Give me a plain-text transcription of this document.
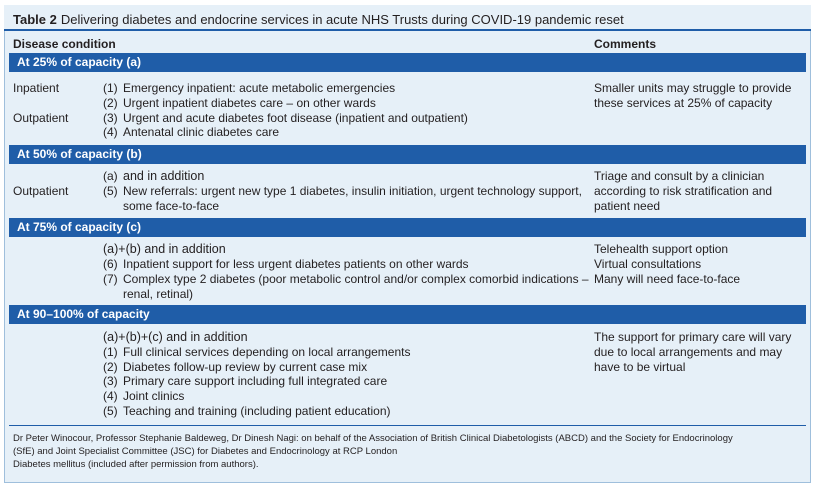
Table 2 Delivering diabetes and endocrine services in acute NHS Trusts during COVID-19 pandemic reset
Disease condition	Comments
At 25% of capacity (a)
Inpatient
Outpatient
(1) Emergency inpatient: acute metabolic emergencies
(2) Urgent inpatient diabetes care – on other wards
(3) Urgent and acute diabetes foot disease (inpatient and outpatient)
(4) Antenatal clinic diabetes care
Smaller units may struggle to provide
these services at 25% of capacity
At 50% of capacity (b)
Outpatient
(a) and in addition
(5) New referrals: urgent new type 1 diabetes, insulin initiation, urgent technology support,
some face-to-face
Triage and consult by a clinician
according to risk stratification and
patient need
At 75% of capacity (c)
(a)+(b) and in addition
(6) Inpatient support for less urgent diabetes patients on other wards
(7) Complex type 2 diabetes (poor metabolic control and/or complex comorbid indications –
renal, retinal)
Telehealth support option
Virtual consultations
Many will need face-to-face
At 90–100% of capacity
(a)+(b)+(c) and in addition
(1) Full clinical services depending on local arrangements
(2) Diabetes follow-up review by current case mix
(3) Primary care support including full integrated care
(4) Joint clinics
(5) Teaching and training (including patient education)
The support for primary care will vary
due to local arrangements and may
have to be virtual
Dr Peter Winocour, Professor Stephanie Baldeweg, Dr Dinesh Nagi: on behalf of the Association of British Clinical Diabetologists (ABCD) and the Society for Endocrinology
(SfE) and Joint Specialist Committee (JSC) for Diabetes and Endocrinology at RCP London
Diabetes mellitus (included after permission from authors).
